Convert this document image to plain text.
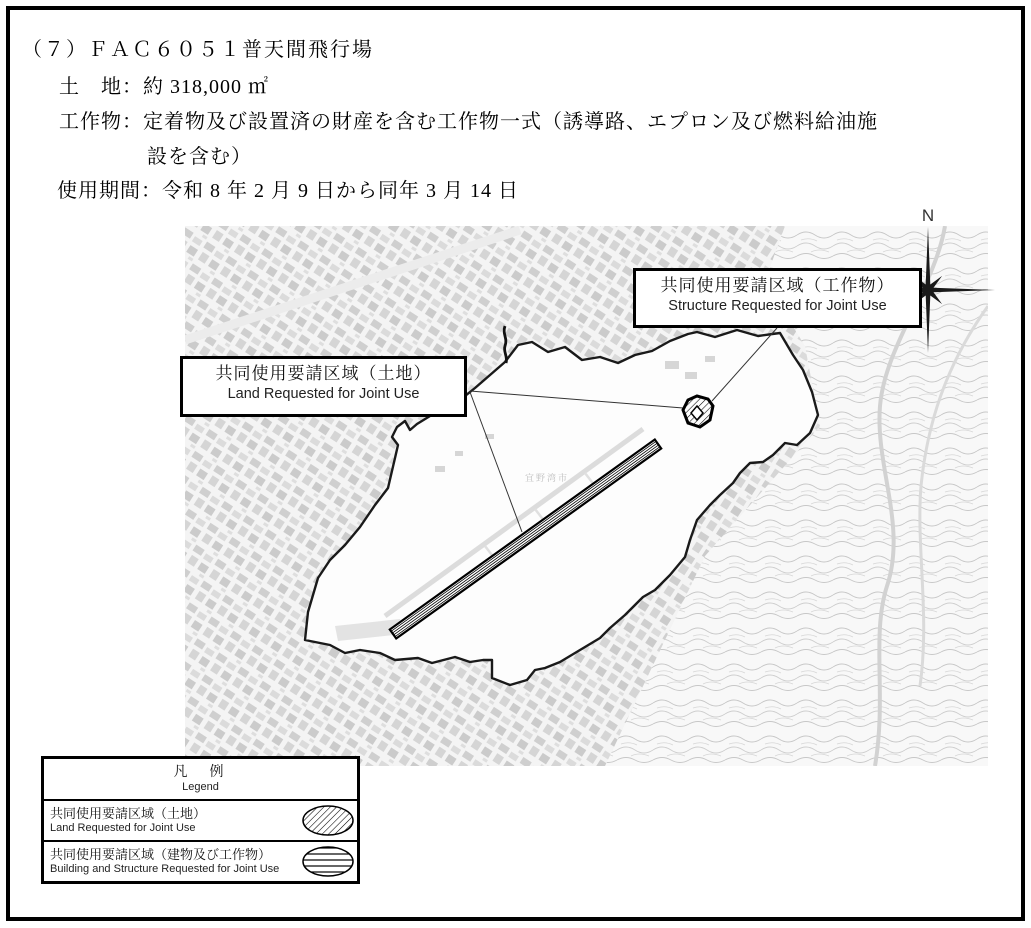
（７）ＦＡＣ６０５１普天間飛行場
土　地：約 318,000 ㎡
工作物：定着物及び設置済の財産を含む工作物一式（誘導路、エプロン及び燃料給油施
設を含む）
使用期間：令和 8 年 2 月 9 日から同年 3 月 14 日
宜野湾市
N
共同使用要請区域（工作物）
Structure Requested for Joint Use
共同使用要請区域（土地）
Land Requested for Joint Use
凡　例
Legend
共同使用要請区域（土地）
Land Requested for Joint Use
共同使用要請区域（建物及び工作物）
Building and Structure Requested for Joint Use
